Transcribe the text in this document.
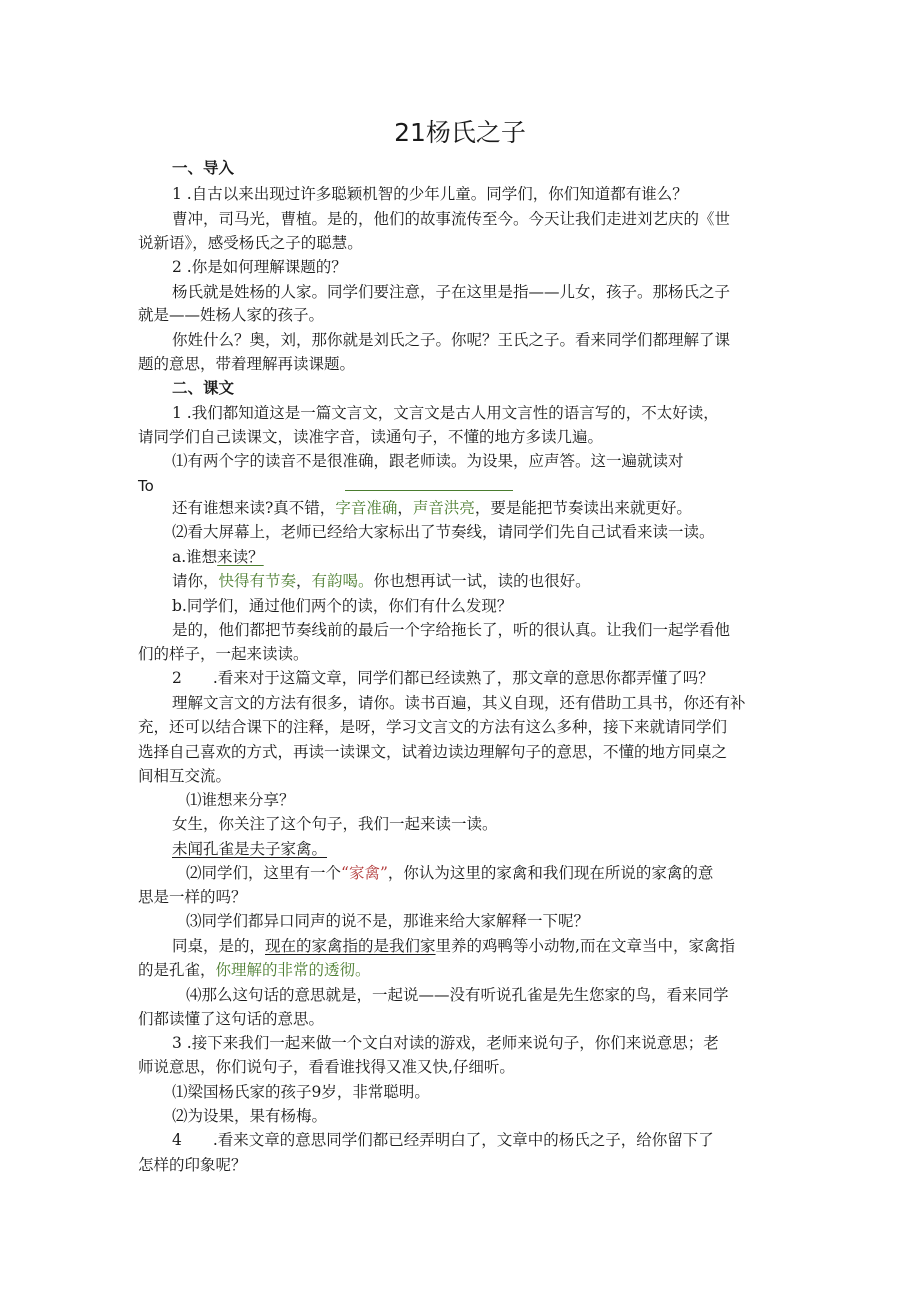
21杨氏之子
一、导入
1 .自古以来出现过许多聪颖机智的少年儿童。同学们，你们知道都有谁么？
曹冲，司马光，曹植。是的，他们的故事流传至今。今天让我们走进刘艺庆的《世
说新语》，感受杨氏之子的聪慧。
2 .你是如何理解课题的？
杨氏就是姓杨的人家。同学们要注意，子在这里是指——儿女，孩子。那杨氏之子
就是——姓杨人家的孩子。
你姓什么？奥，刘，那你就是刘氏之子。你呢？王氏之子。看来同学们都理解了课
题的意思，带着理解再读课题。
二、课文
1 .我们都知道这是一篇文言文，文言文是古人用文言性的语言写的，不太好读，
请同学们自己读课文，读准字音，读通句子，不懂的地方多读几遍。
⑴有两个字的读音不是很准确，跟老师读。为设果，应声答。这一遍就读对
To
还有谁想来读?真不错，字音准确，声音洪亮，要是能把节奏读出来就更好。
⑵看大屏幕上，老师已经给大家标出了节奏线，请同学们先自己试看来读一读。
a.谁想来读？
请你，快得有节奏，有韵喝。你也想再试一试，读的也很好。
b.同学们，通过他们两个的读，你们有什么发现？
是的，他们都把节奏线前的最后一个字给拖长了，听的很认真。让我们一起学看他
们的样子，一起来读读。
2　　.看来对于这篇文章，同学们都已经读熟了，那文章的意思你都弄懂了吗？
理解文言文的方法有很多，请你。读书百遍，其义自现，还有借助工具书，你还有补
充，还可以结合课下的注释，是呀，学习文言文的方法有这么多种，接下来就请同学们
选择自己喜欢的方式，再读一读课文，试着边读边理解句子的意思，不懂的地方同桌之
间相互交流。
⑴谁想来分享？
女生，你关注了这个句子，我们一起来读一读。
未闻孔雀是夫子家禽。
⑵同学们，这里有一个“家禽”，你认为这里的家禽和我们现在所说的家禽的意
思是一样的吗？
⑶同学们都异口同声的说不是，那谁来给大家解释一下呢？
同桌，是的，现在的家禽指的是我们家里养的鸡鸭等小动物,而在文章当中，家禽指
的是孔雀，你理解的非常的透彻。
⑷那么这句话的意思就是，一起说——没有听说孔雀是先生您家的鸟，看来同学
们都读懂了这句话的意思。
3 .接下来我们一起来做一个文白对读的游戏，老师来说句子，你们来说意思；老
师说意思，你们说句子，看看谁找得又准又快,仔细听。
⑴梁国杨氏家的孩子9岁，非常聪明。
⑵为设果，果有杨梅。
4　　.看来文章的意思同学们都已经弄明白了，文章中的杨氏之子，给你留下了
怎样的印象呢？
